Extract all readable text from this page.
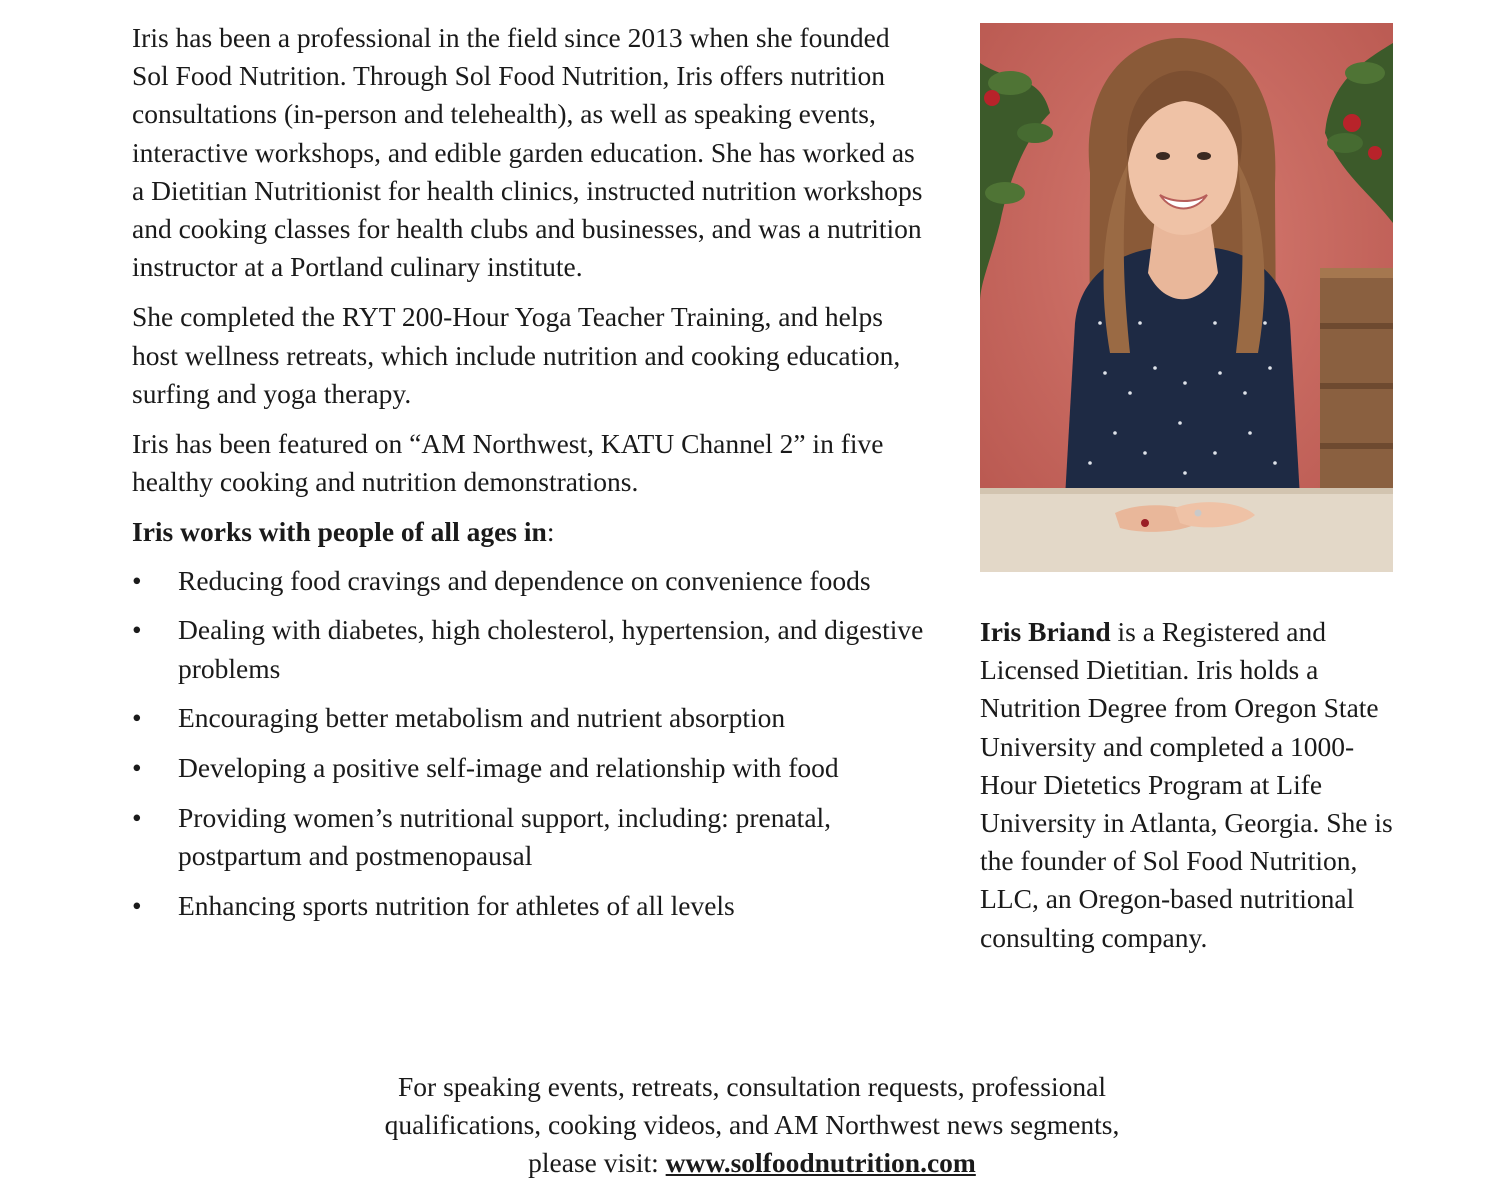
Iris has been a professional in the field since 2013 when she founded Sol Food Nutrition. Through Sol Food Nutrition, Iris offers nutrition consultations (in-person and telehealth), as well as speaking events, interactive workshops, and edible garden education. She has worked as a Dietitian Nutritionist for health clinics, instructed nutrition workshops and cooking classes for health clubs and businesses, and was a nutrition instructor at a Portland culinary institute.

She completed the RYT 200-Hour Yoga Teacher Training, and helps host wellness retreats, which include nutrition and cooking education, surfing and yoga therapy.

Iris has been featured on “AM Northwest, KATU Channel 2” in five healthy cooking and nutrition demonstrations.

Iris works with people of all ages in:

• Reducing food cravings and dependence on convenience foods
• Dealing with diabetes, high cholesterol, hypertension, and digestive problems
• Encouraging better metabolism and nutrient absorption
• Developing a positive self-image and relationship with food
• Providing women’s nutritional support, including: prenatal, postpartum and postmenopausal
• Enhancing sports nutrition for athletes of all levels

Iris Briand is a Registered and Licensed Dietitian. Iris holds a Nutrition Degree from Oregon State University and completed a 1000-Hour Dietetics Program at Life University in Atlanta, Georgia. She is the founder of Sol Food Nutrition, LLC, an Oregon-based nutritional consulting company.

For speaking events, retreats, consultation requests, professional
qualifications, cooking videos, and AM Northwest news segments,
please visit: www.solfoodnutrition.com
